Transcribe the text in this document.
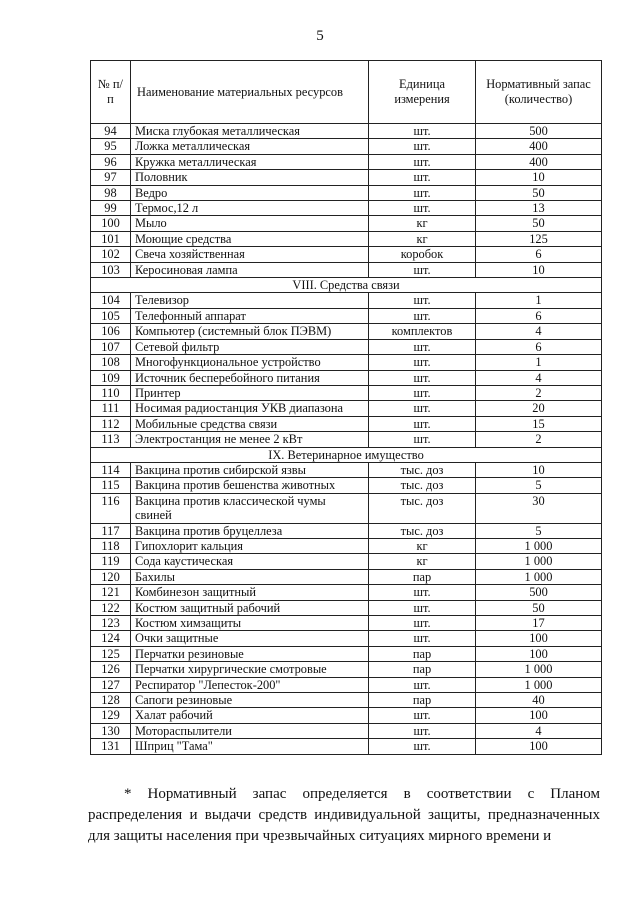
5
№ п/п	Наименование материальных ресурсов	Единица измерения	Нормативный запас (количество)
94	Миска глубокая металлическая	шт.	500
95	Ложка металлическая	шт.	400
96	Кружка металлическая	шт.	400
97	Половник	шт.	10
98	Ведро	шт.	50
99	Термос,12 л	шт.	13
100	Мыло	кг	50
101	Моющие средства	кг	125
102	Свеча хозяйственная	коробок	6
103	Керосиновая лампа	шт.	10
VIII. Средства связи			
104	Телевизор	шт.	1
105	Телефонный аппарат	шт.	6
106	Компьютер (системный блок ПЭВМ)	комплектов	4
107	Сетевой фильтр	шт.	6
108	Многофункциональное устройство	шт.	1
109	Источник бесперебойного питания	шт.	4
110	Принтер	шт.	2
111	Носимая радиостанция УКВ диапазона	шт.	20
112	Мобильные средства связи	шт.	15
113	Электростанция не менее 2 кВт	шт.	2
IX. Ветеринарное имущество			
114	Вакцина против сибирской язвы	тыс. доз	10
115	Вакцина против бешенства животных	тыс. доз	5
116	Вакцина против классической чумы свиней	тыс. доз	30
117	Вакцина против бруцеллеза	тыс. доз	5
118	Гипохлорит кальция	кг	1 000
119	Сода каустическая	кг	1 000
120	Бахилы	пар	1 000
121	Комбинезон защитный	шт.	500
122	Костюм защитный рабочий	шт.	50
123	Костюм химзащиты	шт.	17
124	Очки защитные	шт.	100
125	Перчатки резиновые	пар	100
126	Перчатки хирургические смотровые	пар	1 000
127	Респиратор "Лепесток-200"	шт.	1 000
128	Сапоги резиновые	пар	40
129	Халат рабочий	шт.	100
130	Мотораспылители	шт.	4
131	Шприц "Тама"	шт.	100

* Нормативный запас определяется в соответствии с Планом распределения и выдачи средств индивидуальной защиты, предназначенных для защиты населения при чрезвычайных ситуациях мирного времени и
